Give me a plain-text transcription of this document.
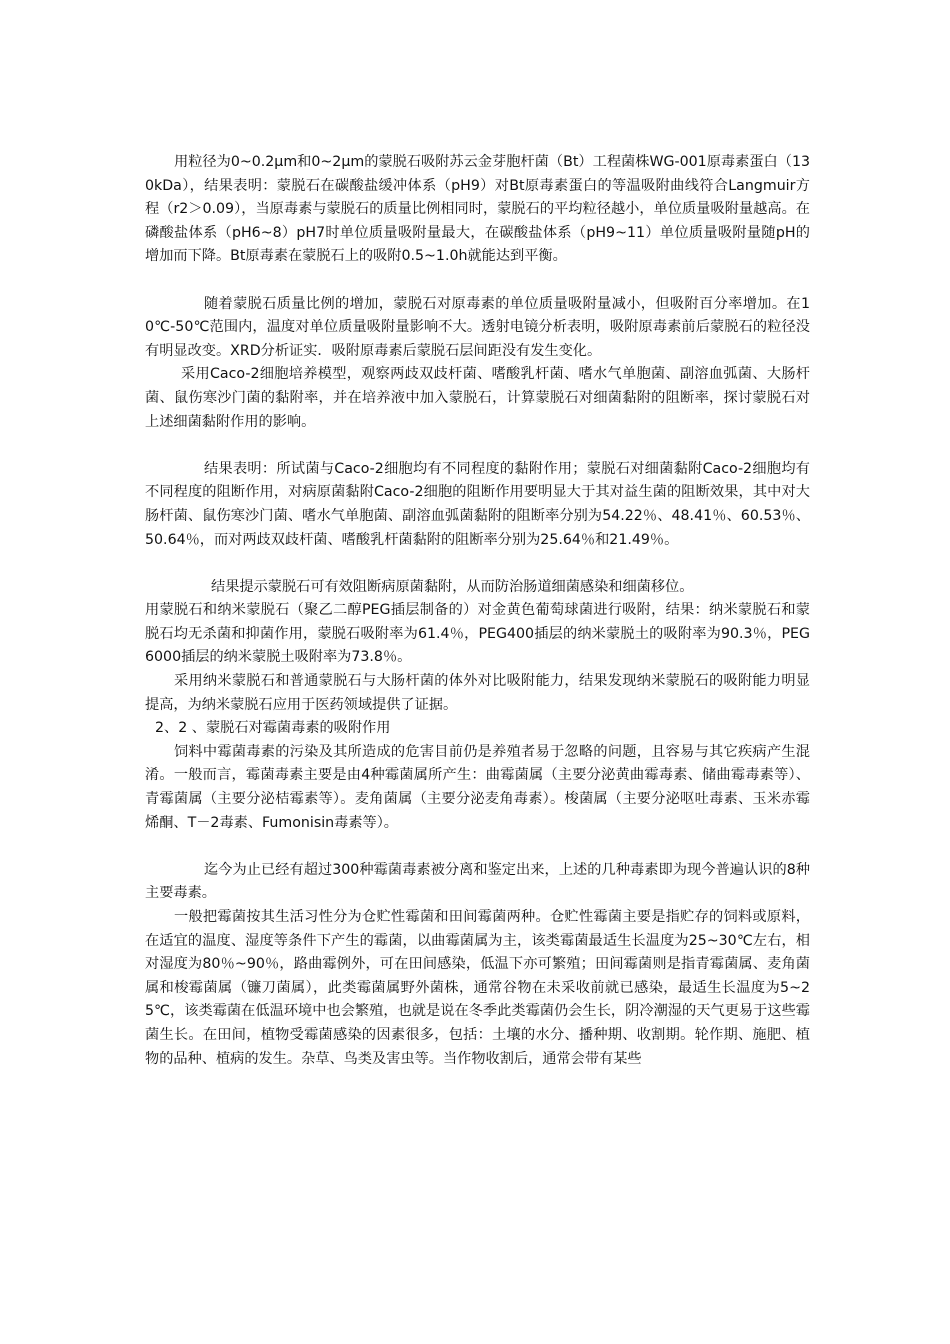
用粒径为0~0.2μm和0~2μm的蒙脱石吸附苏云金芽胞杆菌（Bt）工程菌株WG-001原毒素蛋白（130kDa），结果表明：蒙脱石在碳酸盐缓冲体系（pH9）对Bt原毒素蛋白的等温吸附曲线符合Langmuir方程（r2＞0.09），当原毒素与蒙脱石的质量比例相同时，蒙脱石的平均粒径越小，单位质量吸附量越高。在磷酸盐体系（pH6~8）pH7时单位质量吸附量最大，在碳酸盐体系（pH9~11）单位质量吸附量随pH的增加而下降。Bt原毒素在蒙脱石上的吸附0.5~1.0h就能达到平衡。

随着蒙脱石质量比例的增加，蒙脱石对原毒素的单位质量吸附量减小，但吸附百分率增加。在10℃-50℃范围内，温度对单位质量吸附量影响不大。透射电镜分析表明，吸附原毒素前后蒙脱石的粒径没有明显改变。XRD分析证实．吸附原毒素后蒙脱石层间距没有发生变化。

采用Caco-2细胞培养模型，观察两歧双歧杆菌、嗜酸乳杆菌、嗜水气单胞菌、副溶血弧菌、大肠杆菌、鼠伤寒沙门菌的黏附率，并在培养液中加入蒙脱石，计算蒙脱石对细菌黏附的阻断率，探讨蒙脱石对上述细菌黏附作用的影响。

结果表明：所试菌与Caco-2细胞均有不同程度的黏附作用；蒙脱石对细菌黏附Caco-2细胞均有不同程度的阻断作用，对病原菌黏附Caco-2细胞的阻断作用要明显大于其对益生菌的阻断效果，其中对大肠杆菌、鼠伤寒沙门菌、嗜水气单胞菌、副溶血弧菌黏附的阻断率分别为54.22％、48.41％、60.53％、50.64％，而对两歧双歧杆菌、嗜酸乳杆菌黏附的阻断率分别为25.64％和21.49％。

结果提示蒙脱石可有效阻断病原菌黏附，从而防治肠道细菌感染和细菌移位。

用蒙脱石和纳米蒙脱石（聚乙二醇PEG插层制备的）对金黄色葡萄球菌进行吸附，结果：纳米蒙脱石和蒙脱石均无杀菌和抑菌作用，蒙脱石吸附率为61.4％，PEG400插层的纳米蒙脱土的吸附率为90.3％，PEG6000插层的纳米蒙脱土吸附率为73.8％。

采用纳米蒙脱石和普通蒙脱石与大肠杆菌的体外对比吸附能力，结果发现纳米蒙脱石的吸附能力明显提高，为纳米蒙脱石应用于医药领域提供了证据。

2、2 、蒙脱石对霉菌毒素的吸附作用

饲料中霉菌毒素的污染及其所造成的危害目前仍是养殖者易于忽略的问题，且容易与其它疾病产生混淆。一般而言，霉菌毒素主要是由4种霉菌属所产生：曲霉菌属（主要分泌黄曲霉毒素、储曲霉毒素等）、青霉菌属（主要分泌桔霉素等）。麦角菌属（主要分泌麦角毒素）。梭菌属（主要分泌呕吐毒素、玉米赤霉烯酮、T－2毒素、Fumonisin毒素等）。

迄今为止已经有超过300种霉菌毒素被分离和鉴定出来，上述的几种毒素即为现今普遍认识的8种主要毒素。

一般把霉菌按其生活习性分为仓贮性霉菌和田间霉菌两种。仓贮性霉菌主要是指贮存的饲料或原料，在适宜的温度、湿度等条件下产生的霉菌，以曲霉菌属为主，该类霉菌最适生长温度为25~30℃左右，相对湿度为80％~90％，路曲霉例外，可在田间感染，低温下亦可繁殖；田间霉菌则是指青霉菌属、麦角菌属和梭霉菌属（镰刀菌属），此类霉菌属野外菌株，通常谷物在未采收前就已感染，最适生长温度为5~25℃，该类霉菌在低温环境中也会繁殖，也就是说在冬季此类霉菌仍会生长，阴冷潮湿的天气更易于这些霉菌生长。在田间，植物受霉菌感染的因素很多，包括：土壤的水分、播种期、收割期。轮作期、施肥、植物的品种、植病的发生。杂草、鸟类及害虫等。当作物收割后，通常会带有某些
